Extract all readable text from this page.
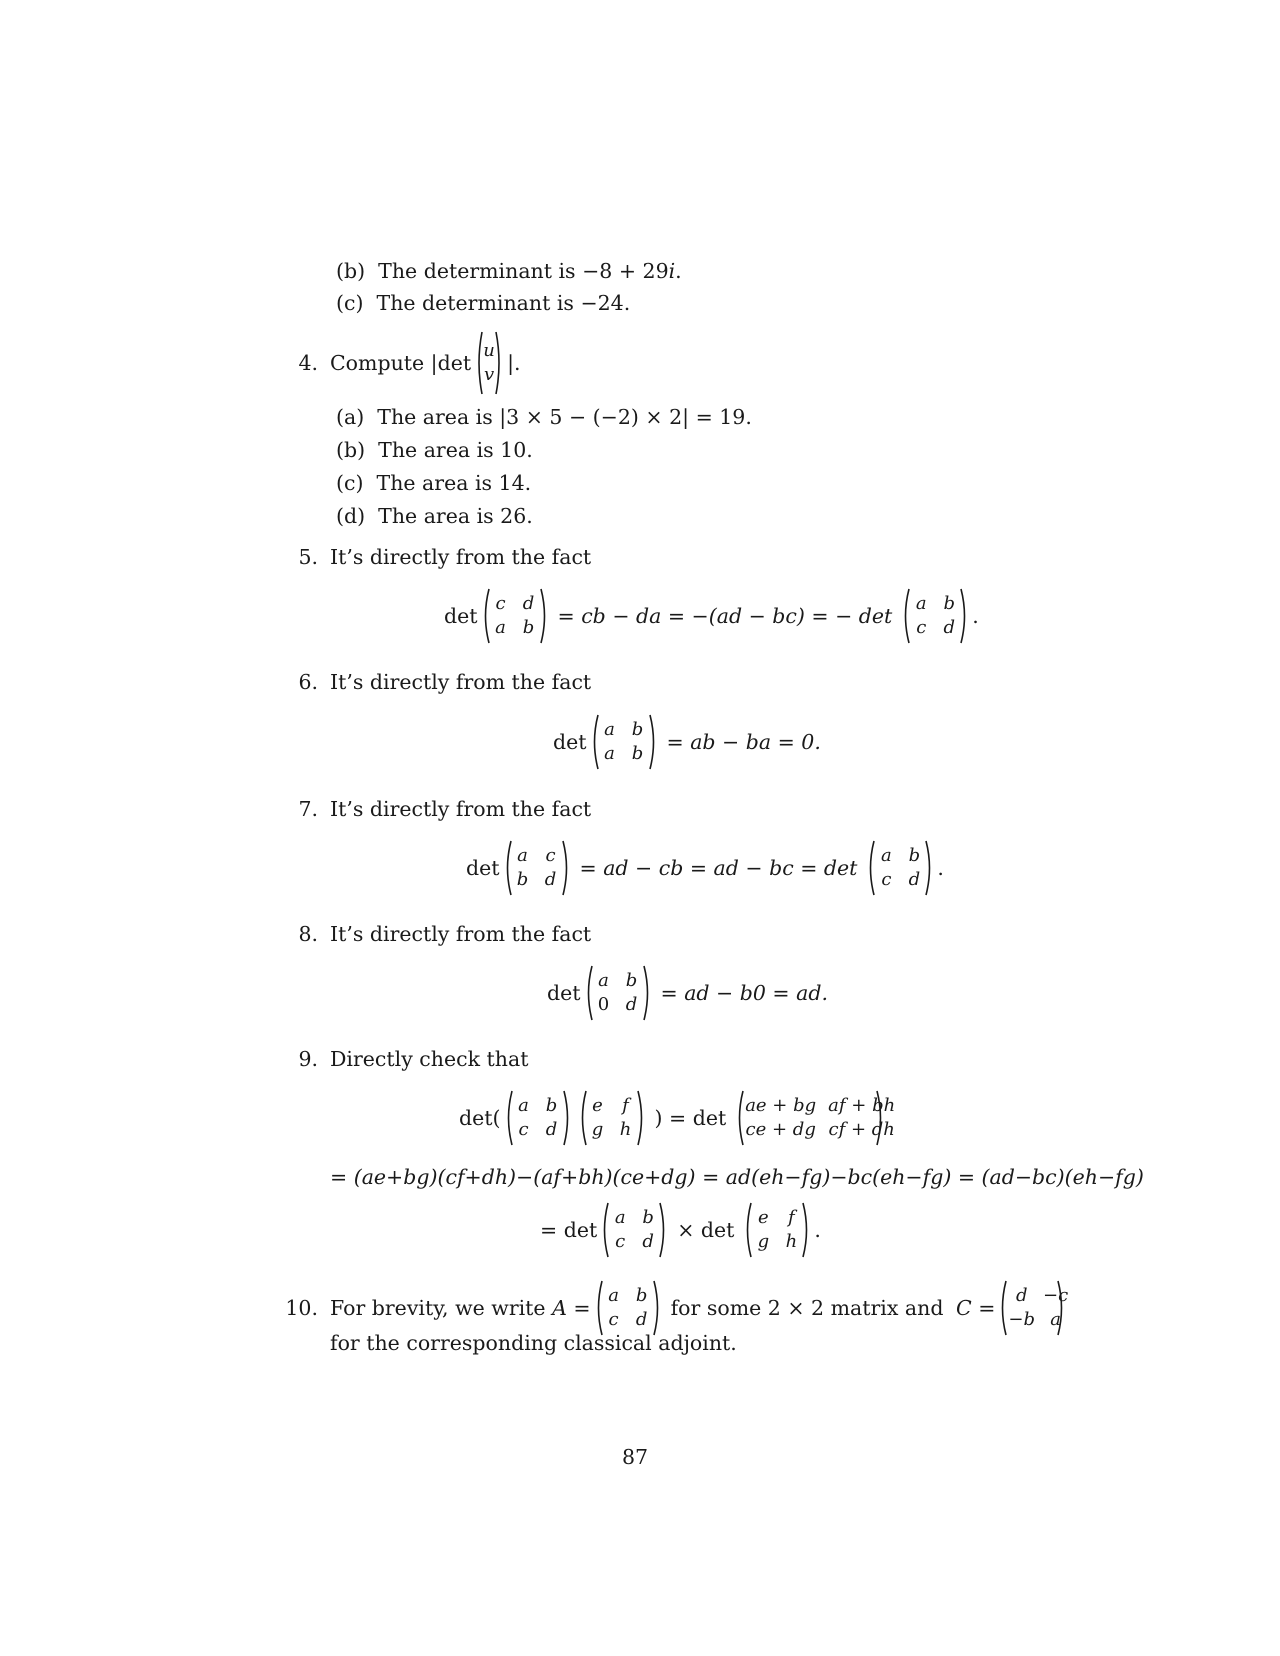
(b) The determinant is −8 + 29i.
(c) The determinant is −24.
4. Compute |det
u
v |.
(a) The area is |3 × 5 − (−2) × 2| = 19.
(b) The area is 10.
(c) The area is 14.
(d) The area is 26.
5. It’s directly from the fact
det
c d
a b = cb − da = −(ad − bc) = − det
a b
c d .
6. It’s directly from the fact
det
a b
a b = ab − ba = 0.
7. It’s directly from the fact
det
a c
b d = ad − cb = ad − bc = det
a b
c d .
8. It’s directly from the fact
det
a b
0 d = ad − b0 = ad.
9. Directly check that
det(
a b
c d
e	f
g h ) = det
ae + bg af + bh
ce + dg cf + dh
= (ae+bg)(cf+dh)−(af+bh)(ce+dg) = ad(eh−fg)−bc(eh−fg) = (ad−bc)(eh−fg)
= det
a b
c d × det
e	f
g h .
10. For brevity, we write
A =
a b
c d for some 2 × 2 matrix and
C =
d −c
−b a
for the corresponding classical adjoint.
87
